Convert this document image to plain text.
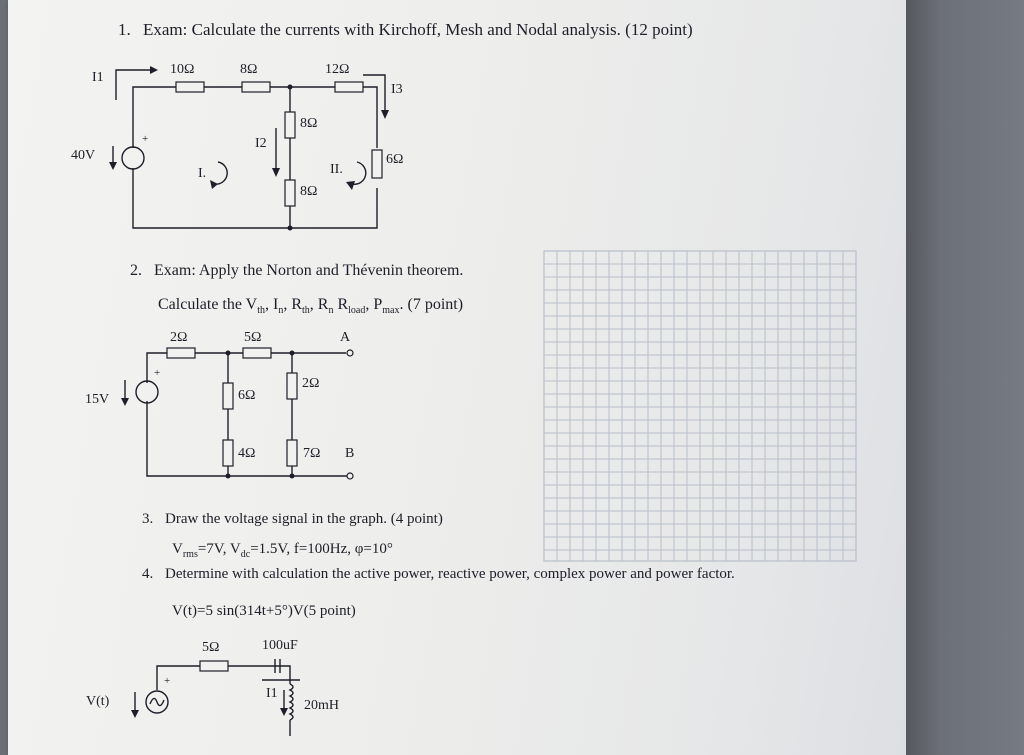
+
+
+
1. Exam: Calculate the currents with Kirchoff, Mesh and Nodal analysis. (12 point)
I1
10Ω	8Ω	12Ω
I3
40V
8Ω
I2
8Ω
6Ω
I.	II.
2. Exam: Apply the Norton and Thévenin theorem.
Calculate the $V_{th}$, $I_n$, $R_{th}$, $R_n$ $R_{load}$, $P_{max}$. (7 point)
2Ω	5Ω	A
15V	6Ω
2Ω
4Ω	7Ω B
3. Draw the voltage signal in the graph. (4 point)
$V_{rms}=7V$, $V_{dc}=1.5V$, f=100Hz, φ=10°
4. Determine with calculation the active power, reactive power, complex power and power factor.
V(t)=5 sin(314t+5°)V(5 point)
5Ω	100uF
I1
20mH
V(t)
